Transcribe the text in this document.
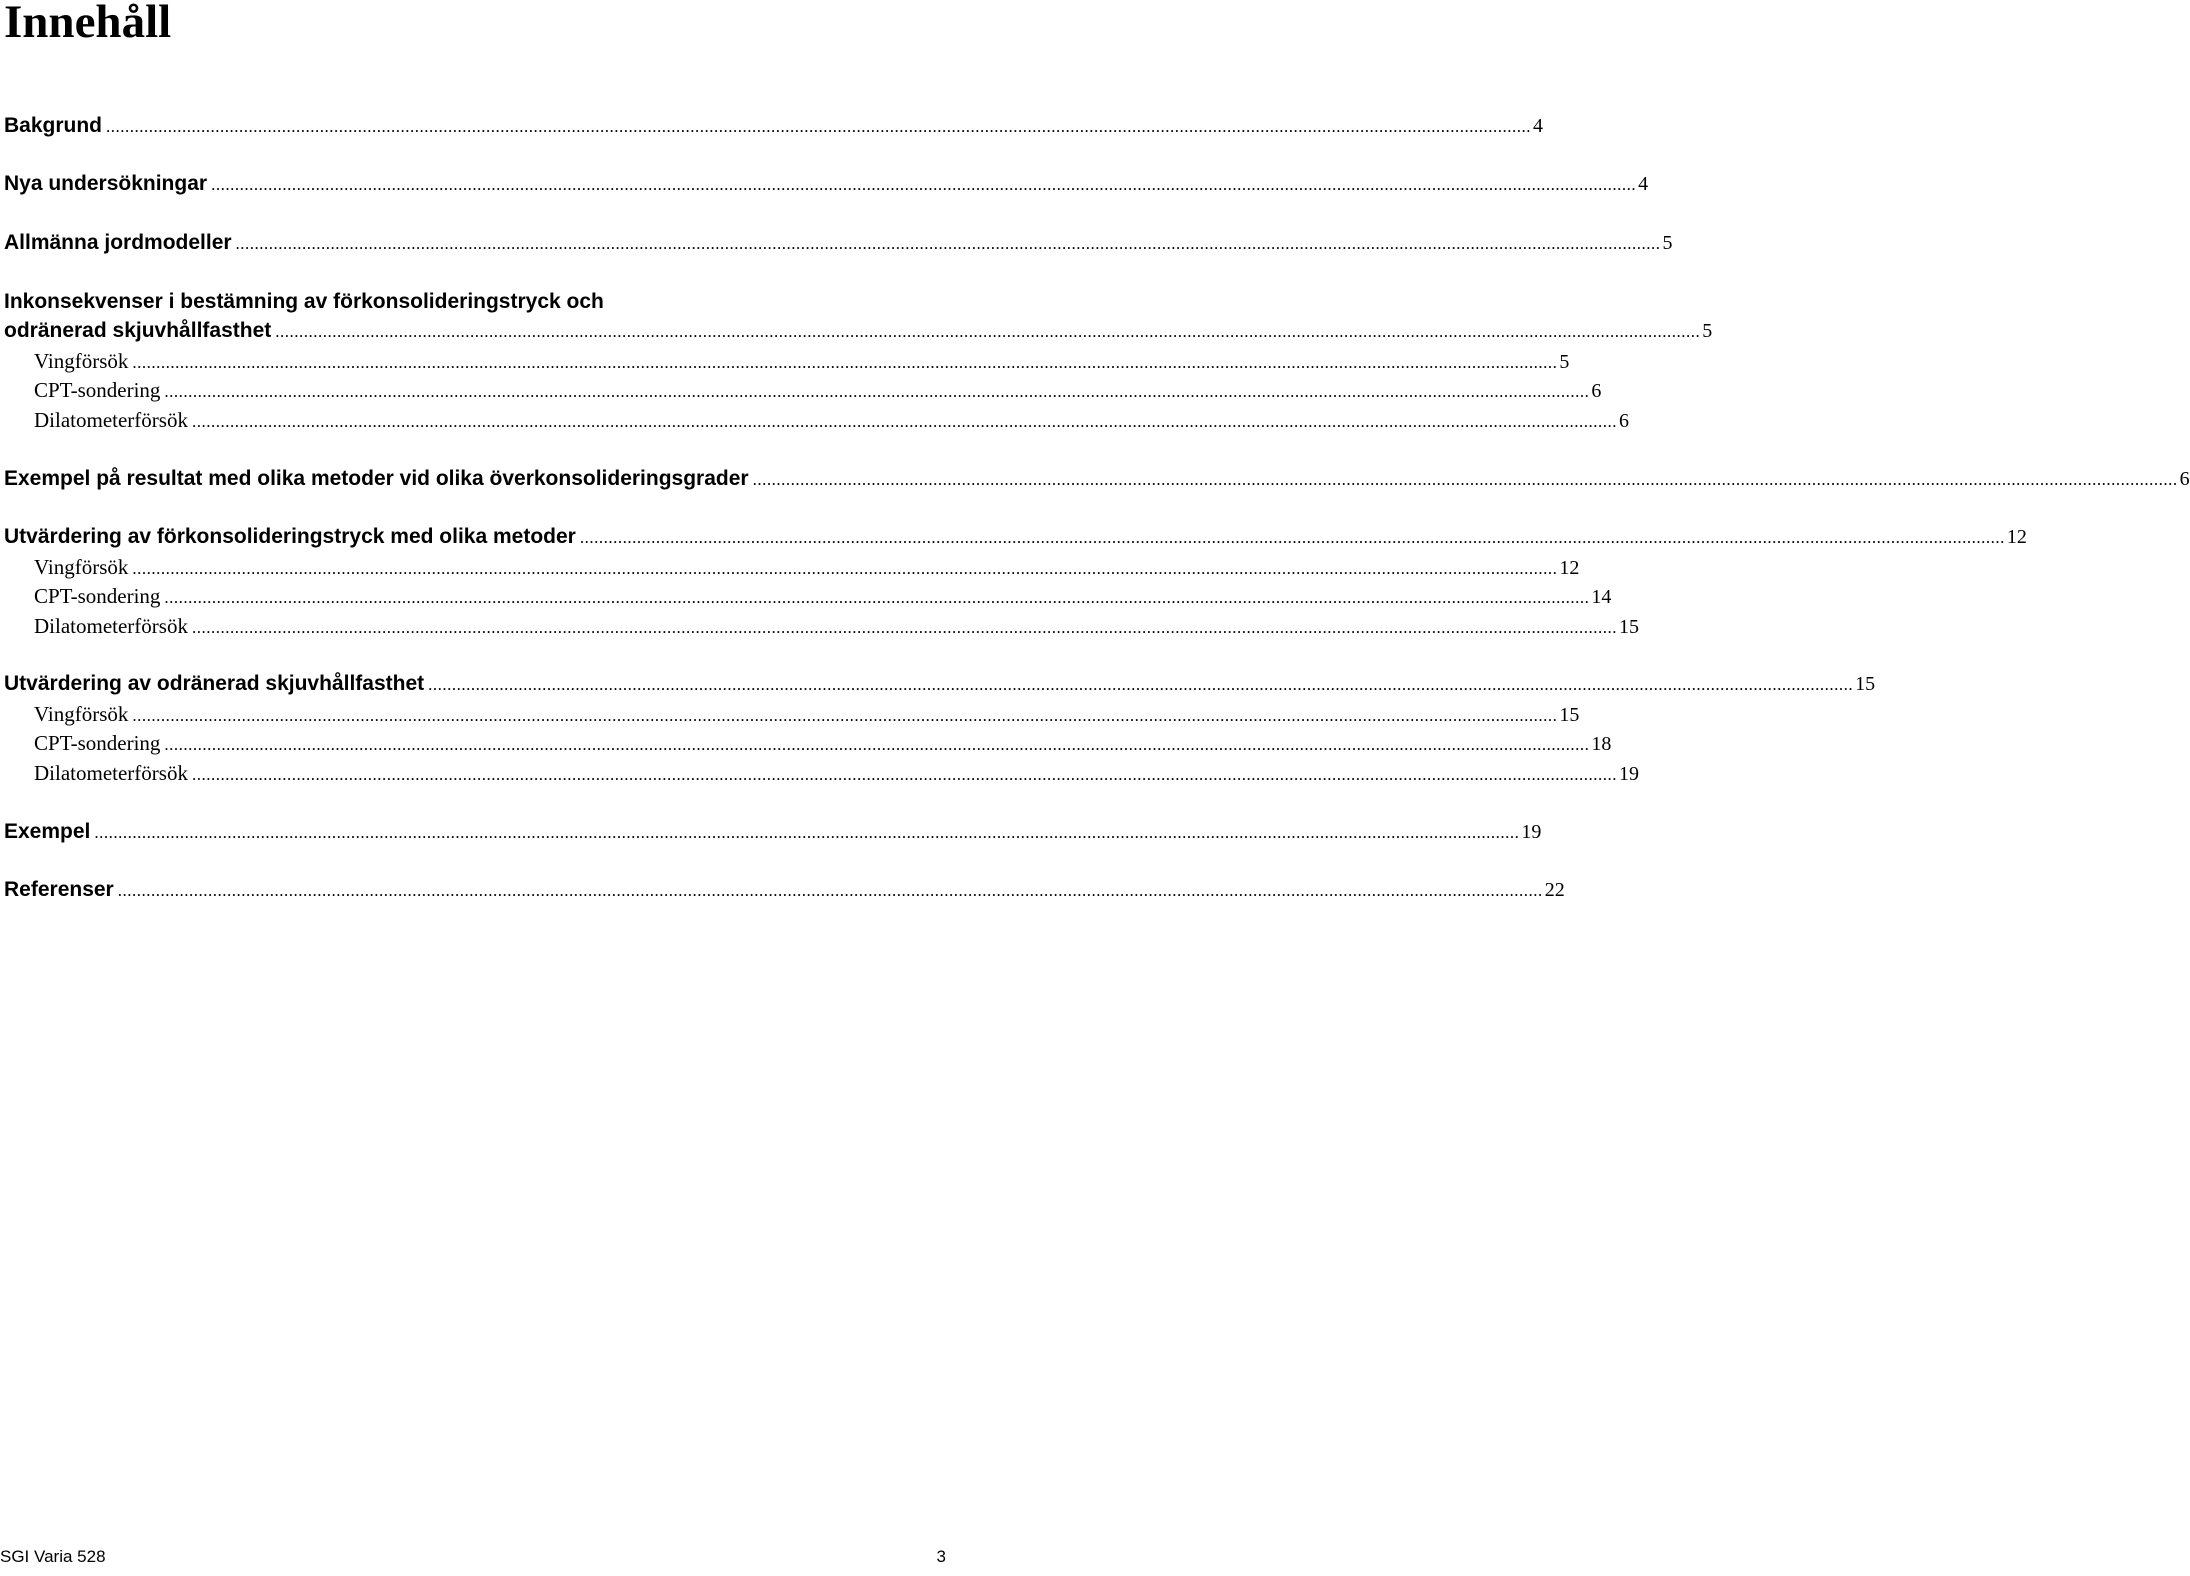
Innehåll
Bakgrund ............................................................................................................................................................................................................................................................................................................ 4
Nya undersökningar ............................................................................................................................................................................................................................................................................................................ 4
Allmänna jordmodeller ............................................................................................................................................................................................................................................................................................................ 5
Inkonsekvenser i bestämning av förkonsolideringstryck och
odränerad skjuvhållfasthet ............................................................................................................................................................................................................................................................................................................ 5
Vingförsök ............................................................................................................................................................................................................................................................................................................ 5
CPT-sondering ............................................................................................................................................................................................................................................................................................................ 6
Dilatometerförsök ............................................................................................................................................................................................................................................................................................................ 6
Exempel på resultat med olika metoder vid olika överkonsolideringsgrader ............................................................................................................................................................................................................................................................................................................ 6
Utvärdering av förkonsolideringstryck med olika metoder ............................................................................................................................................................................................................................................................................................................ 12
Vingförsök ............................................................................................................................................................................................................................................................................................................ 12
CPT-sondering ............................................................................................................................................................................................................................................................................................................ 14
Dilatometerförsök ............................................................................................................................................................................................................................................................................................................ 15
Utvärdering av odränerad skjuvhållfasthet ............................................................................................................................................................................................................................................................................................................ 15
Vingförsök ............................................................................................................................................................................................................................................................................................................ 15
CPT-sondering ............................................................................................................................................................................................................................................................................................................ 18
Dilatometerförsök ............................................................................................................................................................................................................................................................................................................ 19
Exempel ............................................................................................................................................................................................................................................................................................................ 19
Referenser ............................................................................................................................................................................................................................................................................................................ 22
SGI Varia 528	3
